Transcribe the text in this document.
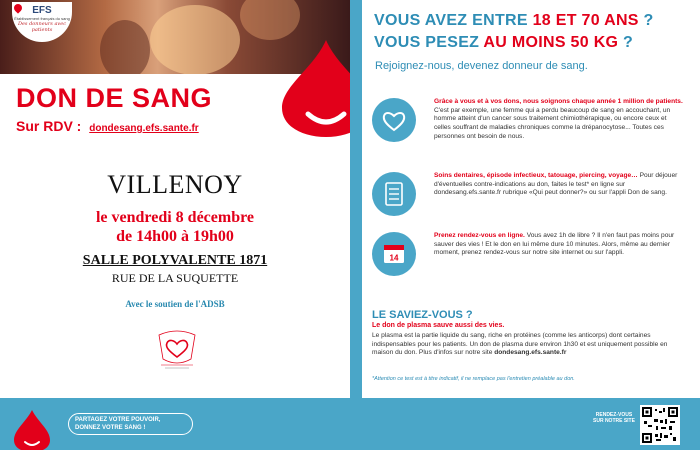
EFS
Établissement français du sang
Des donneurs avec patients
DON DE SANG
Sur RDV : dondesang.efs.sante.fr
VILLENOY
le vendredi 8 décembre
de 14h00 à 19h00
SALLE POLYVALENTE 1871
RUE DE LA SUQUETTE
Avec le soutien de l'ADSB
PARTAGEZ VOTRE POUVOIR,
DONNEZ VOTRE SANG !
VOUS AVEZ ENTRE 18 ET 70 ANS ?
VOUS PESEZ AU MOINS 50 KG ?
Rejoignez-nous, devenez donneur de sang.
Grâce à vous et à vos dons, nous soignons chaque année 1 million de patients. C'est par exemple, une femme qui a perdu beaucoup de sang en accouchant, un homme atteint d'un cancer sous traitement chimiothérapique, ou encore ceux et celles souffrant de maladies chroniques comme la drépanocytose... Toutes ces personnes ont besoin de nous.
Soins dentaires, épisode infectieux, tatouage, piercing, voyage… Pour déjouer d'éventuelles contre-indications au don, faites le test* en ligne sur dondesang.efs.sante.fr rubrique «Qui peut donner?» ou sur l'appli Don de sang.
14
Prenez rendez-vous en ligne. Vous avez 1h de libre ? Il n'en faut pas moins pour sauver des vies ! Et le don en lui même dure 10 minutes. Alors, même au dernier moment, prenez rendez-vous sur notre site internet ou sur l'appli.
LE SAVIEZ-VOUS ?
Le don de plasma sauve aussi des vies.
Le plasma est la partie liquide du sang, riche en protéines (comme les anticorps) dont certaines indispensables pour les patients. Un don de plasma dure environ 1h30 et est uniquement possible en maison du don. Plus d'infos sur notre site dondesang.efs.sante.fr
*Attention ce test est à titre indicatif, il ne remplace pas l'entretien préalable au don.
RENDEZ-VOUS
SUR NOTRE SITE
